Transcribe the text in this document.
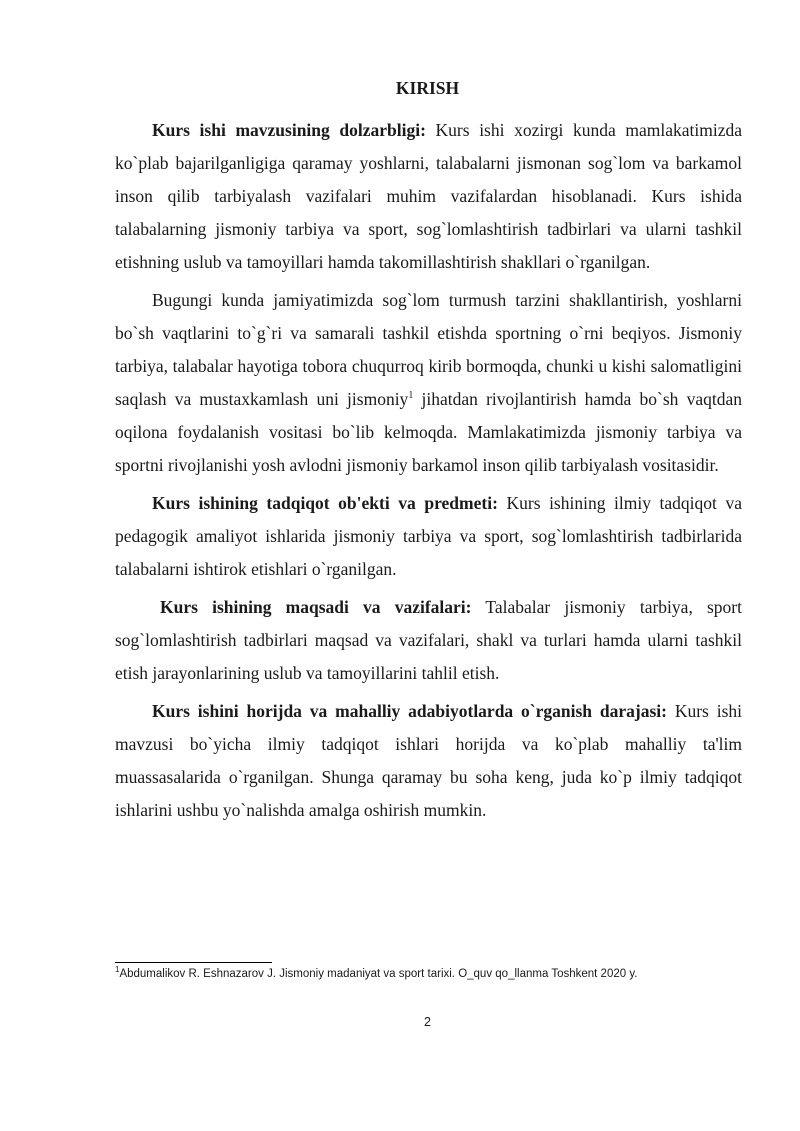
KIRISH

Kurs ishi mavzusining dolzarbligi: Kurs ishi xozirgi kunda mamlakatimizda ko`plab bajarilganligiga qaramay yoshlarni, talabalarni jismonan sog`lom va barkamol inson qilib tarbiyalash vazifalari muhim vazifalardan hisoblanadi. Kurs ishida talabalarning jismoniy tarbiya va sport, sog`lomlashtirish tadbirlari va ularni tashkil etishning uslub va tamoyillari hamda takomillashtirish shakllari o`rganilgan.

Bugungi kunda jamiyatimizda sog`lom turmush tarzini shakllantirish, yoshlarni bo`sh vaqtlarini to`g`ri va samarali tashkil etishda sportning o`rni beqiyos. Jismoniy tarbiya, talabalar hayotiga tobora chuqurroq kirib bormoqda, chunki u kishi salomatligini saqlash va mustaxkamlash uni jismoniy$^1$ jihatdan rivojlantirish hamda bo`sh vaqtdan oqilona foydalanish vositasi bo`lib kelmoqda. Mamlakatimizda jismoniy tarbiya va sportni rivojlanishi yosh avlodni jismoniy barkamol inson qilib tarbiyalash vositasidir.

Kurs ishining tadqiqot ob'ekti va predmeti: Kurs ishining ilmiy tadqiqot va pedagogik amaliyot ishlarida jismoniy tarbiya va sport, sog`lomlashtirish tadbirlarida talabalarni ishtirok etishlari o`rganilgan.

Kurs ishining maqsadi va vazifalari: Talabalar jismoniy tarbiya, sport sog`lomlashtirish tadbirlari maqsad va vazifalari, shakl va turlari hamda ularni tashkil etish jarayonlarining uslub va tamoyillarini tahlil etish.

Kurs ishini horijda va mahalliy adabiyotlarda o`rganish darajasi: Kurs ishi mavzusi bo`yicha ilmiy tadqiqot ishlari horijda va ko`plab mahalliy ta'lim muassasalarida o`rganilgan. Shunga qaramay bu soha keng, juda ko`p ilmiy tadqiqot ishlarini ushbu yo`nalishda amalga oshirish mumkin.

$^1$Abdumalikov R. Eshnazarov J. Jismoniy madaniyat va sport tarixi. O_quv qo_llanma Toshkent 2020 y.
2
